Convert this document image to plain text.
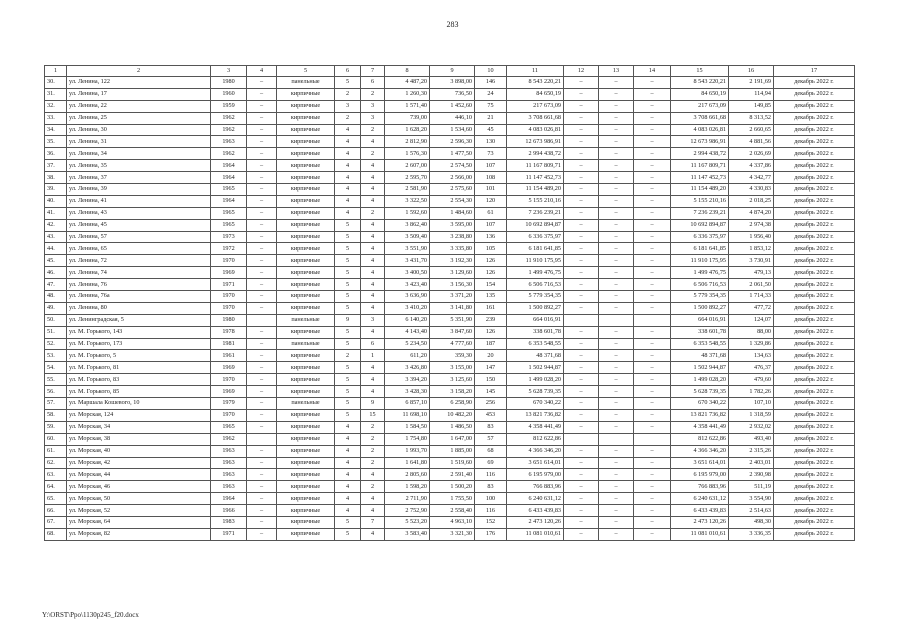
283
1	2	3	4	5	6	7	8	9	10	11	12	13	14	15	16	17
30.	ул. Ленина, 122	1980	–	панельные	5	6	4 487,20	3 898,00	146	8 543 220,21	–	–	–	8 543 220,21	2 191,69	декабрь 2022 г.
31.	ул. Ленина, 17	1960	–	кирпичные	2	2	1 260,30	736,50	24	84 650,19	–	–	–	84 650,19	114,94	декабрь 2022 г.
32.	ул. Ленина, 22	1959	–	кирпичные	3	3	1 571,40	1 452,60	75	217 673,09	–	–	–	217 673,09	149,85	декабрь 2022 г.
33.	ул. Ленина, 25	1962	–	кирпичные	2	3	739,00	446,10	21	3 708 661,68	–	–	–	3 708 661,68	8 313,52	декабрь 2022 г.
34.	ул. Ленина, 30	1962	–	кирпичные	4	2	1 628,20	1 534,60	45	4 083 026,81	–	–	–	4 083 026,81	2 660,65	декабрь 2022 г.
35.	ул. Ленина, 31	1963	–	кирпичные	4	4	2 812,90	2 596,30	130	12 673 986,91	–	–	–	12 673 986,91	4 881,56	декабрь 2022 г.
36.	ул. Ленина, 34	1962	–	кирпичные	4	2	1 576,30	1 477,50	73	2 994 438,72	–	–	–	2 994 438,72	2 026,69	декабрь 2022 г.
37.	ул. Ленина, 35	1964	–	кирпичные	4	4	2 607,00	2 574,50	107	11 167 809,71	–	–	–	11 167 809,71	4 337,86	декабрь 2022 г.
38.	ул. Ленина, 37	1964	–	кирпичные	4	4	2 595,70	2 566,00	108	11 147 452,73	–	–	–	11 147 452,73	4 342,77	декабрь 2022 г.
39.	ул. Ленина, 39	1965	–	кирпичные	4	4	2 581,90	2 575,60	101	11 154 489,20	–	–	–	11 154 489,20	4 330,83	декабрь 2022 г.
40.	ул. Ленина, 41	1964	–	кирпичные	4	4	3 322,50	2 554,30	120	5 155 210,16	–	–	–	5 155 210,16	2 018,25	декабрь 2022 г.
41.	ул. Ленина, 43	1965	–	кирпичные	4	2	1 592,60	1 484,60	61	7 236 239,21	–	–	–	7 236 239,21	4 874,20	декабрь 2022 г.
42.	ул. Ленина, 45	1965	–	кирпичные	5	4	3 862,40	3 595,00	107	10 692 894,87	–	–	–	10 692 894,87	2 974,38	декабрь 2022 г.
43.	ул. Ленина, 57	1973	–	кирпичные	5	4	3 509,40	3 238,80	136	6 336 375,97	–	–	–	6 336 375,97	1 956,40	декабрь 2022 г.
44.	ул. Ленина, 65	1972	–	кирпичные	5	4	3 551,90	3 335,80	105	6 181 641,85	–	–	–	6 181 641,85	1 853,12	декабрь 2022 г.
45.	ул. Ленина, 72	1970	–	кирпичные	5	4	3 431,70	3 192,30	126	11 910 175,95	–	–	–	11 910 175,95	3 730,91	декабрь 2022 г.
46.	ул. Ленина, 74	1969	–	кирпичные	5	4	3 400,50	3 129,60	126	1 499 476,75	–	–	–	1 499 476,75	479,13	декабрь 2022 г.
47.	ул. Ленина, 76	1971	–	кирпичные	5	4	3 423,40	3 156,30	154	6 506 716,53	–	–	–	6 506 716,53	2 061,50	декабрь 2022 г.
48.	ул. Ленина, 76а	1970	–	кирпичные	5	4	3 636,90	3 371,20	135	5 779 354,35	–	–	–	5 779 354,35	1 714,33	декабрь 2022 г.
49.	ул. Ленина, 80	1970	–	кирпичные	5	4	3 410,20	3 141,80	161	1 500 892,27	–	–	–	1 500 892,27	477,72	декабрь 2022 г.
50.	ул. Ленинградская, 5	1980		панельные	9	3	6 140,20	5 351,90	239	664 016,91				664 016,91	124,07	декабрь 2022 г.
51.	ул. М. Горького, 143	1978	–	кирпичные	5	4	4 143,40	3 847,60	126	338 601,78	–	–	–	338 601,78	88,00	декабрь 2022 г.
52.	ул. М. Горького, 173	1981	–	панельные	5	6	5 234,50	4 777,60	187	6 353 548,55	–	–	–	6 353 548,55	1 329,86	декабрь 2022 г.
53.	ул. М. Горького, 5	1961	–	кирпичные	2	1	611,20	359,30	20	48 371,68	–	–	–	48 371,68	134,63	декабрь 2022 г.
54.	ул. М. Горького, 81	1969	–	кирпичные	5	4	3 426,80	3 155,00	147	1 502 944,87	–	–	–	1 502 944,87	476,37	декабрь 2022 г.
55.	ул. М. Горького, 83	1970	–	кирпичные	5	4	3 394,20	3 125,60	150	1 499 028,20	–	–	–	1 499 028,20	479,60	декабрь 2022 г.
56.	ул. М. Горького, 85	1969	–	кирпичные	5	4	3 428,30	3 158,20	145	5 628 739,35	–	–	–	5 628 739,35	1 782,26	декабрь 2022 г.
57.	ул. Маршала Кошевого, 10	1979	–	панельные	5	9	6 857,10	6 258,90	256	670 340,22	–	–	–	670 340,22	107,10	декабрь 2022 г.
58.	ул. Морская, 124	1970	–	кирпичные	5	15	11 698,10	10 482,20	453	13 821 736,82	–	–	–	13 821 736,82	1 318,59	декабрь 2022 г.
59.	ул. Морская, 34	1965	–	кирпичные	4	2	1 584,50	1 486,50	83	4 358 441,49	–	–	–	4 358 441,49	2 932,02	декабрь 2022 г.
60.	ул. Морская, 38	1962		кирпичные	4	2	1 754,80	1 647,00	57	812 622,86				812 622,86	493,40	декабрь 2022 г.
61.	ул. Морская, 40	1963	–	кирпичные	4	2	1 993,70	1 885,00	68	4 366 346,20	–	–	–	4 366 346,20	2 315,26	декабрь 2022 г.
62.	ул. Морская, 42	1963	–	кирпичные	4	2	1 641,80	1 519,60	69	3 651 614,01	–	–	–	3 651 614,01	2 403,01	декабрь 2022 г.
63.	ул. Морская, 44	1963	–	кирпичные	4	4	2 805,60	2 591,40	116	6 195 979,00	–	–	–	6 195 979,00	2 390,98	декабрь 2022 г.
64.	ул. Морская, 46	1963	–	кирпичные	4	2	1 598,20	1 500,20	83	766 883,96	–	–	–	766 883,96	511,19	декабрь 2022 г.
65.	ул. Морская, 50	1964	–	кирпичные	4	4	2 711,90	1 755,50	100	6 240 631,12	–	–	–	6 240 631,12	3 554,90	декабрь 2022 г.
66.	ул. Морская, 52	1966	–	кирпичные	4	4	2 752,90	2 558,40	116	6 433 439,83	–	–	–	6 433 439,83	2 514,63	декабрь 2022 г.
67.	ул. Морская, 64	1983	–	кирпичные	5	7	5 523,20	4 963,10	152	2 473 120,26	–	–	–	2 473 120,26	498,30	декабрь 2022 г.
68.	ул. Морская, 82	1971	–	кирпичные	5	4	3 583,40	3 321,30	176	11 081 010,61	–	–	–	11 081 010,61	3 336,35	декабрь 2022 г.
Y:\ORST\Ppo\1130p245_f20.docx
